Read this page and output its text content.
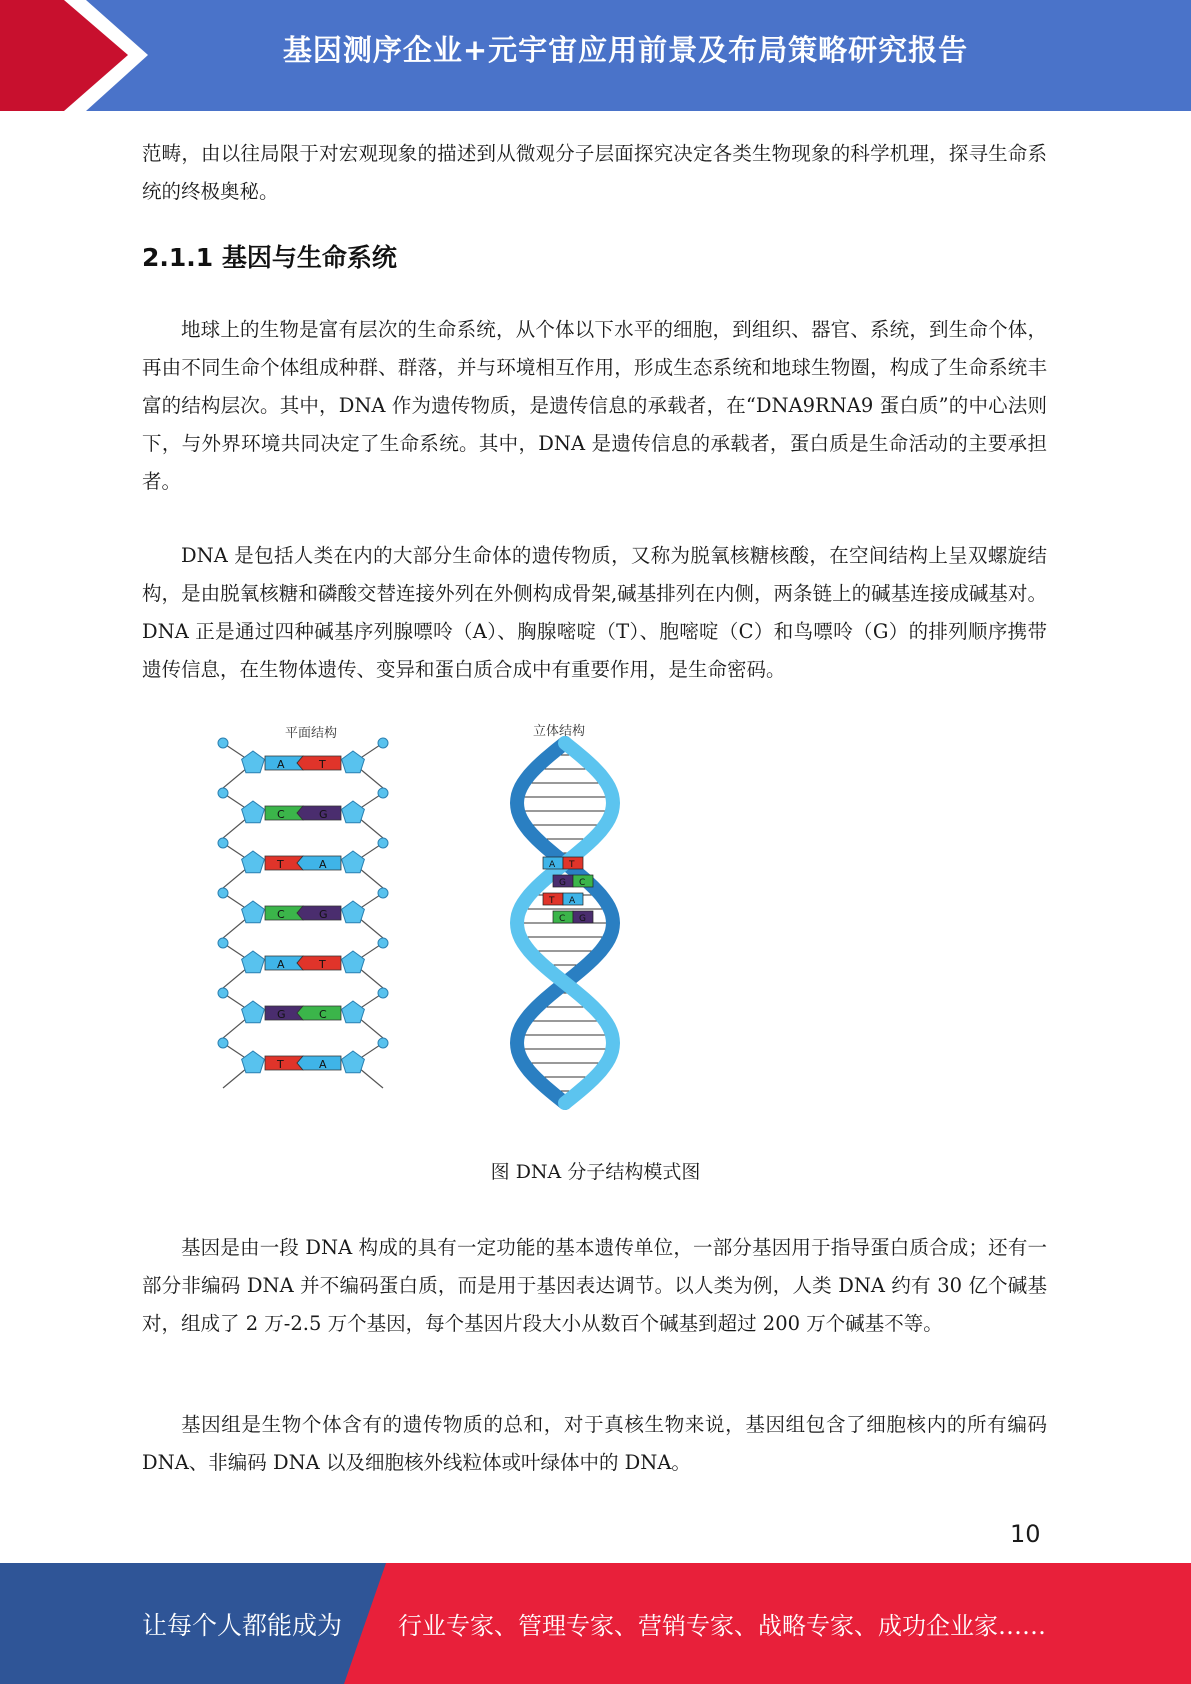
基因测序企业+元宇宙应用前景及布局策略研究报告
范畴，由以往局限于对宏观现象的描述到从微观分子层面探究决定各类生物现象的科学机理，探寻生命系统的终极奥秘。
2.1.1 基因与生命系统
地球上的生物是富有层次的生命系统，从个体以下水平的细胞，到组织、器官、系统，到生命个体，再由不同生命个体组成种群、群落，并与环境相互作用，形成生态系统和地球生物圈，构成了生命系统丰富的结构层次。其中，DNA 作为遗传物质，是遗传信息的承载者，在“DNA9RNA9 蛋白质”的中心法则下，与外界环境共同决定了生命系统。其中，DNA 是遗传信息的承载者，蛋白质是生命活动的主要承担者。
DNA 是包括人类在内的大部分生命体的遗传物质，又称为脱氧核糖核酸，在空间结构上呈双螺旋结构，是由脱氧核糖和磷酸交替连接外列在外侧构成骨架,碱基排列在内侧，两条链上的碱基连接成碱基对。DNA 正是通过四种碱基序列腺嘌呤（A）、胸腺嘧啶（T）、胞嘧啶（C）和鸟嘌呤（G）的排列顺序携带遗传信息，在生物体遗传、变异和蛋白质合成中有重要作用，是生命密码。
平面结构	立体结构
A	T
C	G
T	A
C	G
A	T
G	C
T	A
A T
G C
T A
C G
图 DNA 分子结构模式图
基因是由一段 DNA 构成的具有一定功能的基本遗传单位，一部分基因用于指导蛋白质合成；还有一部分非编码 DNA 并不编码蛋白质，而是用于基因表达调节。以人类为例，人类 DNA 约有 30 亿个碱基对，组成了 2 万-2.5 万个基因，每个基因片段大小从数百个碱基到超过 200 万个碱基不等。
基因组是生物个体含有的遗传物质的总和，对于真核生物来说，基因组包含了细胞核内的所有编码 DNA、非编码 DNA 以及细胞核外线粒体或叶绿体中的 DNA。
10
让每个人都能成为 行业专家、管理专家、营销专家、战略专家、成功企业家……
